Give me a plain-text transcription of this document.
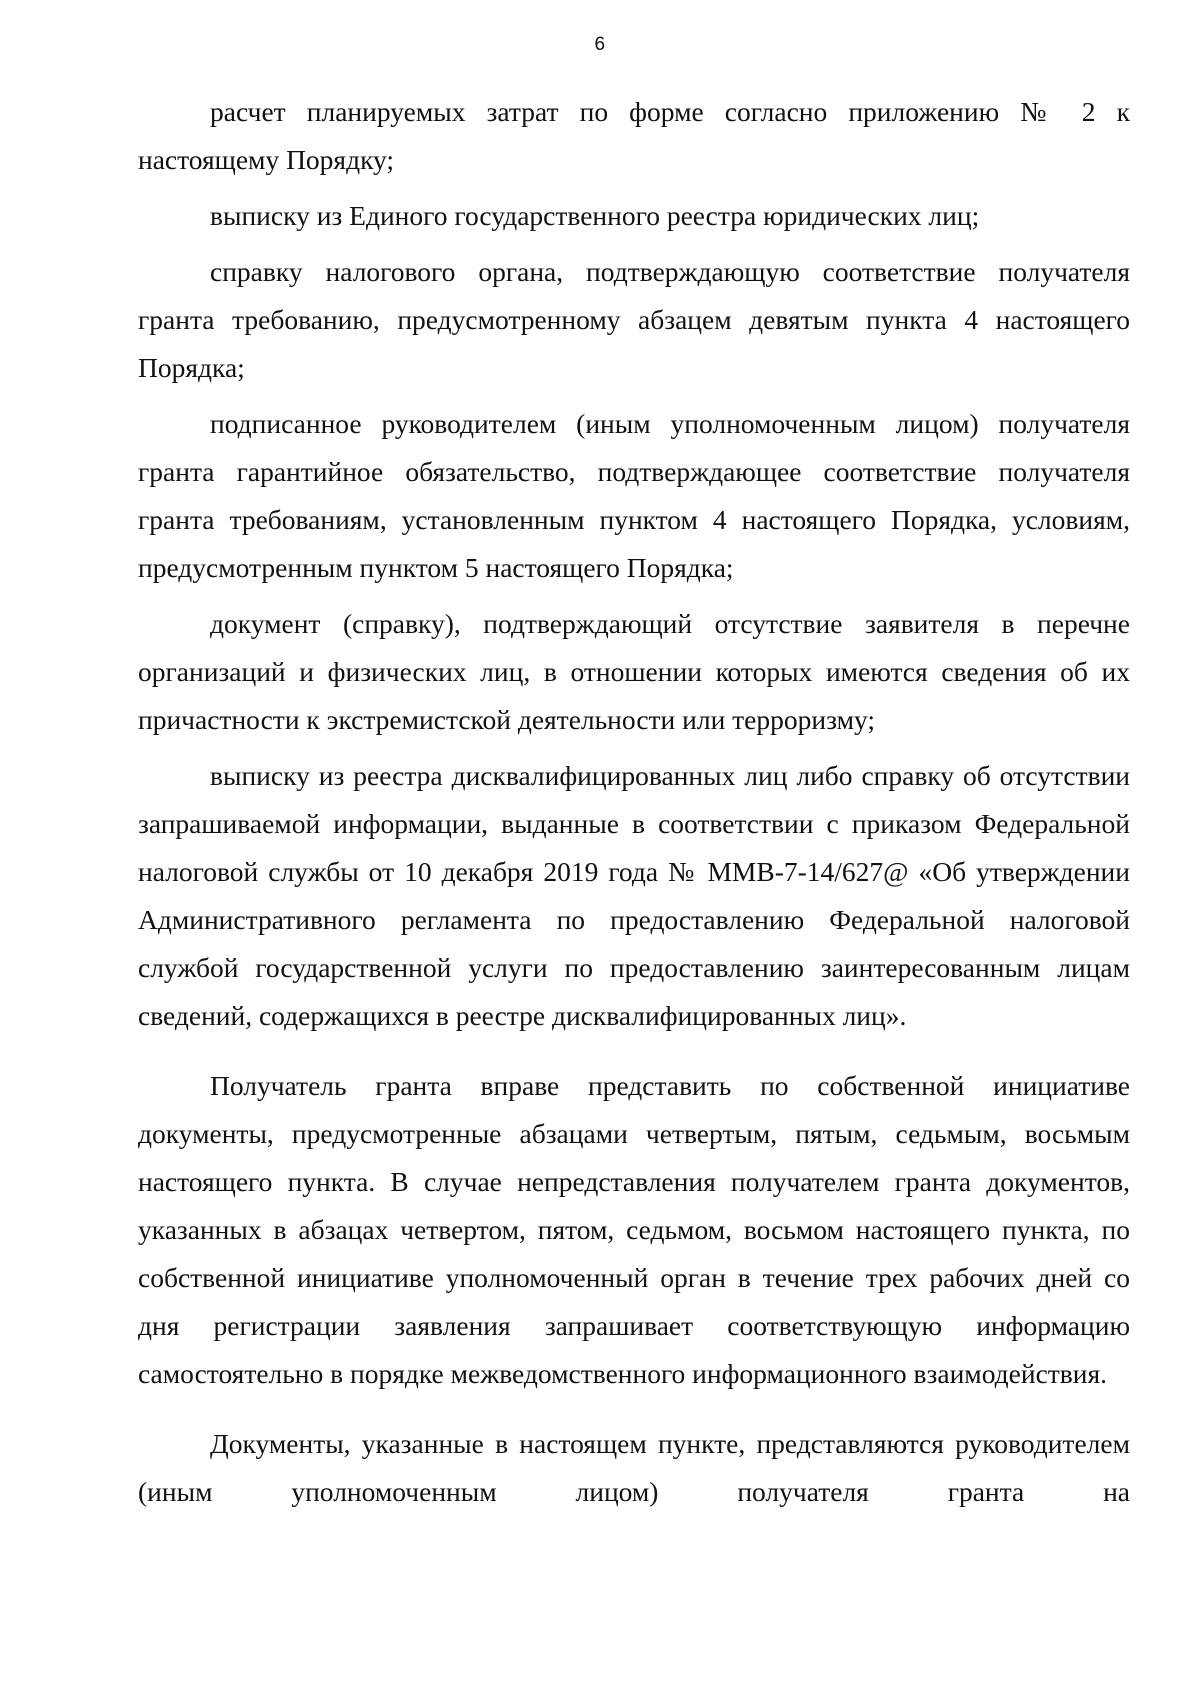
6

расчет планируемых затрат по форме согласно приложению № 2 к настоящему Порядку;

выписку из Единого государственного реестра юридических лиц;

справку налогового органа, подтверждающую соответствие получателя гранта требованию, предусмотренному абзацем девятым пункта 4 настоящего Порядка;

подписанное руководителем (иным уполномоченным лицом) получателя гранта гарантийное обязательство, подтверждающее соответствие получателя гранта требованиям, установленным пунктом 4 настоящего Порядка, условиям, предусмотренным пунктом 5 настоящего Порядка;

документ (справку), подтверждающий отсутствие заявителя в перечне организаций и физических лиц, в отношении которых имеются сведения об их причастности к экстремистской деятельности или терроризму;

выписку из реестра дисквалифицированных лиц либо справку об отсутствии запрашиваемой информации, выданные в соответствии с приказом Федеральной налоговой службы от 10 декабря 2019 года № ММВ-7-14/627@ «Об утверждении Административного регламента по предоставлению Федеральной налоговой службой государственной услуги по предоставлению заинтересованным лицам сведений, содержащихся в реестре дисквалифицированных лиц».

Получатель гранта вправе представить по собственной инициативе документы, предусмотренные абзацами четвертым, пятым, седьмым, восьмым настоящего пункта. В случае непредставления получателем гранта документов, указанных в абзацах четвертом, пятом, седьмом, восьмом настоящего пункта, по собственной инициативе уполномоченный орган в течение трех рабочих дней со дня регистрации заявления запрашивает соответствующую информацию самостоятельно в порядке межведомственного информационного взаимодействия.

Документы, указанные в настоящем пункте, представляются руководителем (иным уполномоченным лицом) получателя гранта на
